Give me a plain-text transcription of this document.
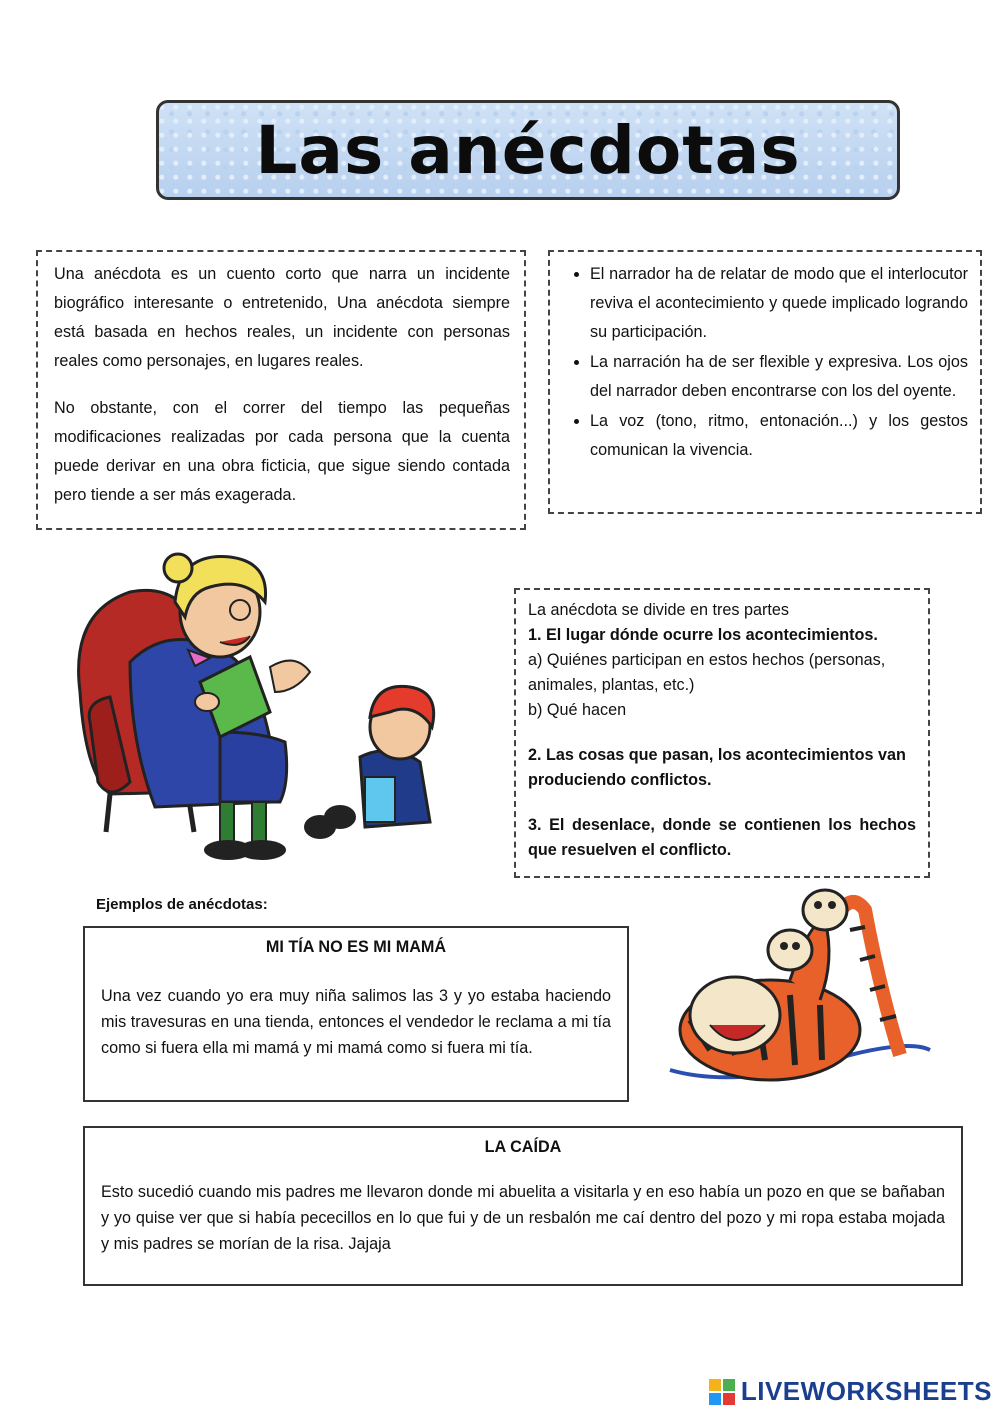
Las anécdotas

Una anécdota es un cuento corto que narra un incidente biográfico interesante o entretenido, Una anécdota siempre está basada en hechos reales, un incidente con personas reales como personajes, en lugares reales.

No obstante, con el correr del tiempo las pequeñas modificaciones realizadas por cada persona que la cuenta puede derivar en una obra ficticia, que sigue siendo contada pero tiende a ser más exagerada.

• El narrador ha de relatar de modo que el interlocutor reviva el acontecimiento y quede implicado logrando su participación.
• La narración ha de ser flexible y expresiva. Los ojos del narrador deben encontrarse con los del oyente.
• La voz (tono, ritmo, entonación...) y los gestos comunican la vivencia.
La anécdota se divide en tres partes
1. El lugar dónde ocurre los acontecimientos.
a) Quiénes participan en estos hechos (personas, animales, plantas, etc.)
b) Qué hacen
2. Las cosas que pasan, los acontecimientos van produciendo conflictos.
3. El desenlace, donde se contienen los hechos que resuelven el conflicto.
Ejemplos de anécdotas:
MI TÍA NO ES MI MAMÁ

Una vez cuando yo era muy niña salimos las 3 y yo estaba haciendo mis travesuras en una tienda, entonces el vendedor le reclama a mi tía como si fuera ella mi mamá y mi mamá como si fuera mi tía.

LA CAÍDA

Esto sucedió cuando mis padres me llevaron donde mi abuelita a visitarla y en eso había un pozo en que se bañaban y yo quise ver que si había pececillos en lo que fui y de un resbalón me caí dentro del pozo y mi ropa estaba mojada y mis padres se morían de la risa. Jajaja

LIVEWORKSHEETS
